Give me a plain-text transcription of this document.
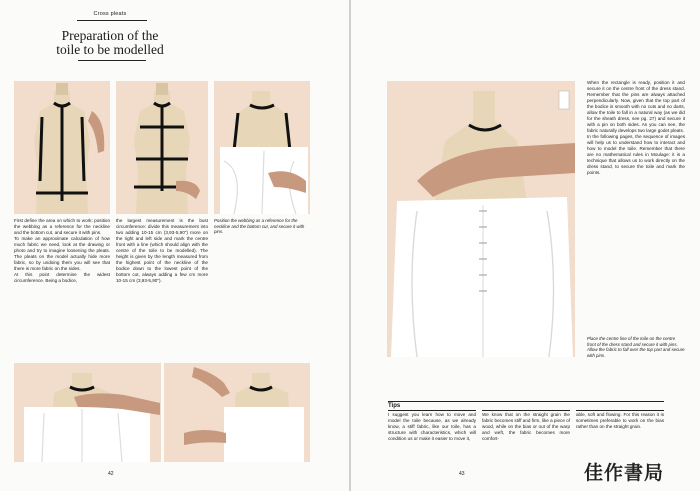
Cross pleats
Preparation of the
toile to be modelled
First define the area on which to work: position the webbing as a reference for the neckline and the bottom cut, and secure it with pins.
To make an approximate calculation of how much fabric we need, look at the drawing or photo and try to imagine loosening the pleats. The pleats on the model actually hide more fabric, so by undoing them you will see that there is more fabric on the sides.
At this point determine the widest circumference. Being a bodice,
the largest measurement is the bust circumference: divide this measurement into two adding 10-15 cm (3,93-5,90") more on the right and left side and mark the centre front with a line (which should align with the centre of the toile to be modelled). The height is given by the length measured from the highest point of the neckline of the bodice down to the lowest point of the bottom cut, always adding a few cm more 10-15 cm (3,93-5,90").
Position the webbing as a reference for the neckline and the bottom cut, and secure it with pins.
42
When the rectangle is ready, position it and secure it on the centre front of the dress stand. Remember that the pins are always attached perpendicularly. Now, given that the top part of the bodice is smooth with no cuts and no darts, allow the toile to fall in a natural way (as we did for the sheath dress, see pg. 27) and secure it with a pin on both sides. As you can see, the fabric naturally develops two large godet pleats.
In the following pages, the sequence of images will help us to understand how to interact and how to model the toile. Remember that there are no mathematical rules in Moulage: it is a technique that allows us to work directly on the dress stand, to secure the toile and mark the points.
Place the centre line of the toile on the centre front of the dress stand and secure it with pins. Allow the fabric to fall over the top part and secure with pins.
43
Tips
I suggest you learn how to move and model the toile because, as we already know, a stiff fabric, like our toile, has a structure with characteristics, which will condition us or make it easier to move it,
We know that on the straight grain the fabric becomes stiff and firm, like a piece of wood, while on the bias or out of the warp and weft, the fabric becomes more comfort-
able, soft and flowing. For this reason it is sometimes preferable to work on the bias rather than on the straight grain.
佳作書局
